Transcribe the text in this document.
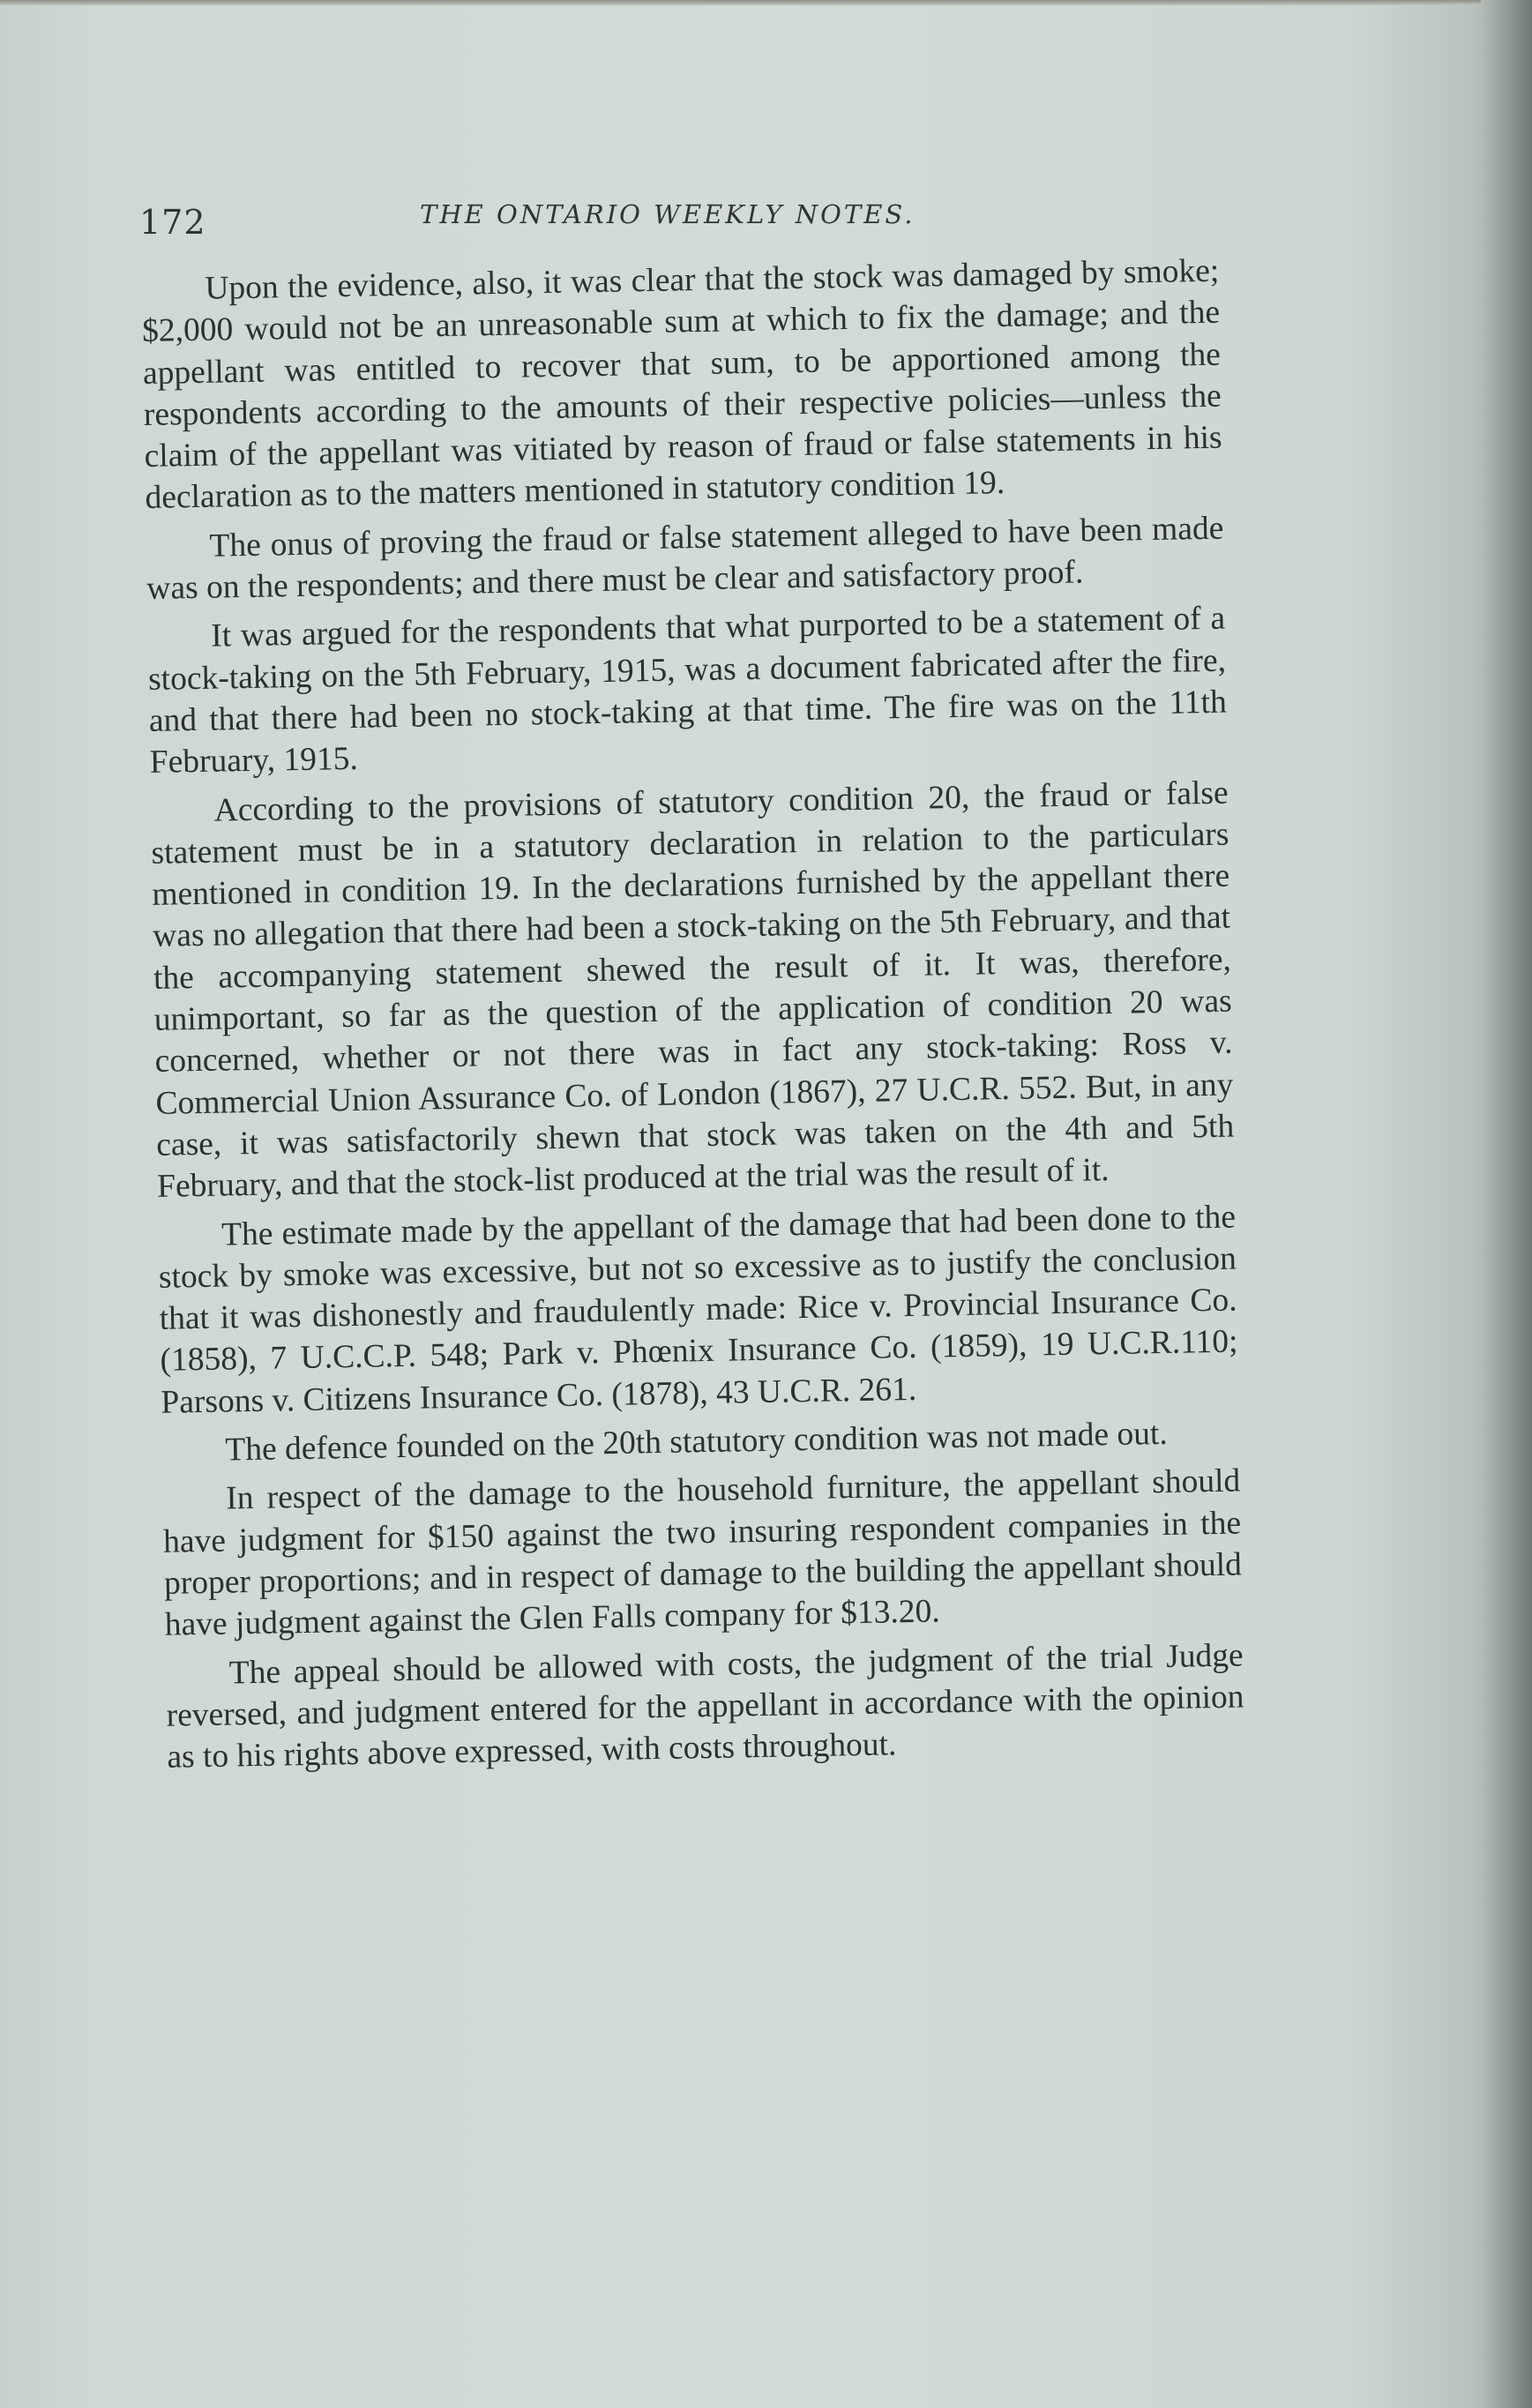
172	THE ONTARIO WEEKLY NOTES.

Upon the evidence, also, it was clear that the stock was damaged by smoke; $2,000 would not be an unreasonable sum at which to fix the damage; and the appellant was entitled to recover that sum, to be apportioned among the respondents according to the amounts of their respective policies—unless the claim of the appellant was vitiated by reason of fraud or false statements in his declaration as to the matters mentioned in statutory condition 19.

The onus of proving the fraud or false statement alleged to have been made was on the respondents; and there must be clear and satisfactory proof.

It was argued for the respondents that what purported to be a statement of a stock-taking on the 5th February, 1915, was a document fabricated after the fire, and that there had been no stock-taking at that time. The fire was on the 11th February, 1915.

According to the provisions of statutory condition 20, the fraud or false statement must be in a statutory declaration in relation to the particulars mentioned in condition 19. In the declarations furnished by the appellant there was no allegation that there had been a stock-taking on the 5th February, and that the accompanying statement shewed the result of it. It was, therefore, unimportant, so far as the question of the application of condition 20 was concerned, whether or not there was in fact any stock-taking: Ross v. Commercial Union Assurance Co. of London (1867), 27 U.C.R. 552. But, in any case, it was satisfactorily shewn that stock was taken on the 4th and 5th February, and that the stock-list produced at the trial was the result of it.

The estimate made by the appellant of the damage that had been done to the stock by smoke was excessive, but not so excessive as to justify the conclusion that it was dishonestly and fraudulently made: Rice v. Provincial Insurance Co. (1858), 7 U.C.C.P. 548; Park v. Phœnix Insurance Co. (1859), 19 U.C.R.110; Parsons v. Citizens Insurance Co. (1878), 43 U.C.R. 261.

The defence founded on the 20th statutory condition was not made out.

In respect of the damage to the household furniture, the appellant should have judgment for $150 against the two insuring respondent companies in the proper proportions; and in respect of damage to the building the appellant should have judgment against the Glen Falls company for $13.20.

The appeal should be allowed with costs, the judgment of the trial Judge reversed, and judgment entered for the appellant in accordance with the opinion as to his rights above expressed, with costs throughout.
